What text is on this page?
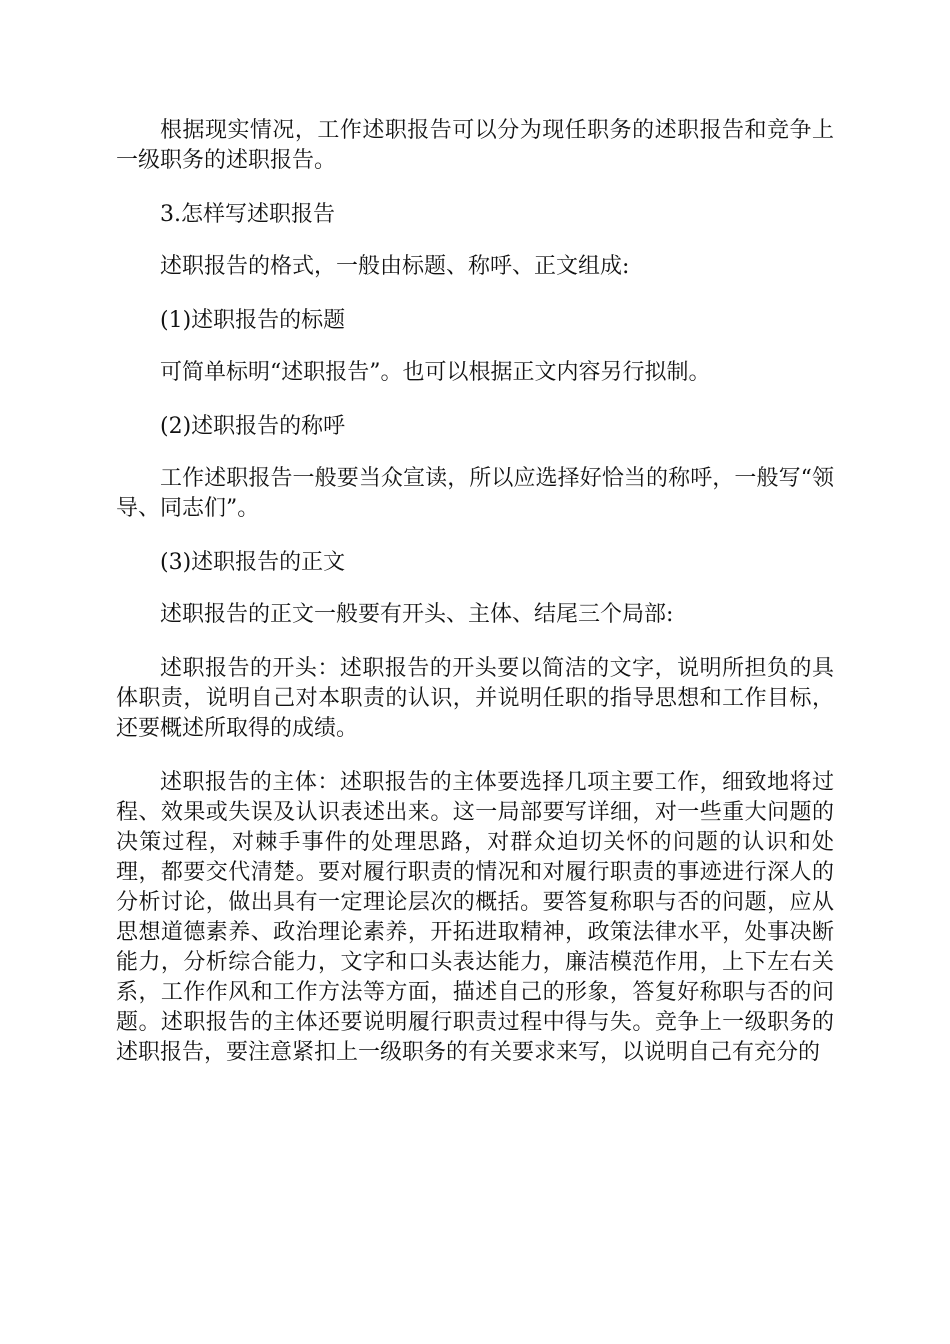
根据现实情况，工作述职报告可以分为现任职务的述职报告和竞争上一级职务的述职报告。

3.怎样写述职报告

述职报告的格式，一般由标题、称呼、正文组成:

(1)述职报告的标题

可简单标明“述职报告”。也可以根据正文内容另行拟制。

(2)述职报告的称呼

工作述职报告一般要当众宣读，所以应选择好恰当的称呼，一般写“领导、同志们”。

(3)述职报告的正文

述职报告的正文一般要有开头、主体、结尾三个局部:

述职报告的开头：述职报告的开头要以简洁的文字，说明所担负的具体职责，说明自己对本职责的认识，并说明任职的指导思想和工作目标，还要概述所取得的成绩。

述职报告的主体：述职报告的主体要选择几项主要工作，细致地将过程、效果或失误及认识表述出来。这一局部要写详细，对一些重大问题的决策过程，对棘手事件的处理思路，对群众迫切关怀的问题的认识和处理，都要交代清楚。要对履行职责的情况和对履行职责的事迹进行深人的分析讨论，做出具有一定理论层次的概括。要答复称职与否的问题，应从思想道德素养、政治理论素养，开拓进取精神，政策法律水平，处事决断能力，分析综合能力，文字和口头表达能力，廉洁模范作用，上下左右关系，工作作风和工作方法等方面，描述自己的形象，答复好称职与否的问题。述职报告的主体还要说明履行职责过程中得与失。竞争上一级职务的述职报告，要注意紧扣上一级职务的有关要求来写，以说明自己有充分的
